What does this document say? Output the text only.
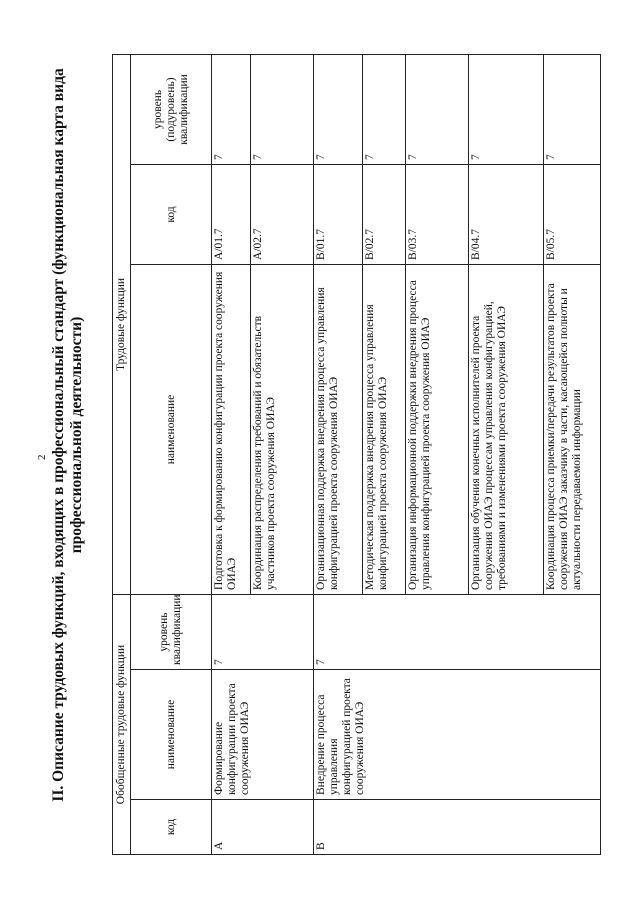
2 II. Описание трудовых функций, входящих в профессиональный стандарт (функциональная карта вида профессиональной деятельности)
Обобщенные трудовые функции			Трудовые функции		
код	наименование	уровень квалификации	наименование	код	уровень (подуровень) квалификации
A	Формирование конфигурации проекта сооружения ОИАЭ	7	Подготовка к формированию конфигурации проекта сооружения ОИАЭ	A/01.7	7
			Координация распределения требований и обязательств участников проекта сооружения ОИАЭ	A/02.7	7
B	Внедрение процесса управления конфигурацией проекта сооружения ОИАЭ	7	Организационная поддержка внедрения процесса управления конфигурацией проекта сооружения ОИАЭ	B/01.7	7
			Методическая поддержка внедрения процесса управления конфигурацией проекта сооружения ОИАЭ	B/02.7	7
			Организация информационной поддержки внедрения процесса управления конфигурацией проекта сооружения ОИАЭ	B/03.7	7
			Организация обучения конечных исполнителей проекта сооружения ОИАЭ процессам управления конфигурацией, требованиями и изменениями проекта сооружения ОИАЭ	B/04.7	7
			Координация процесса приемки/передачи результатов проекта сооружения ОИАЭ заказчику в части, касающейся полноты и актуальности передаваемой информации	B/05.7	7
